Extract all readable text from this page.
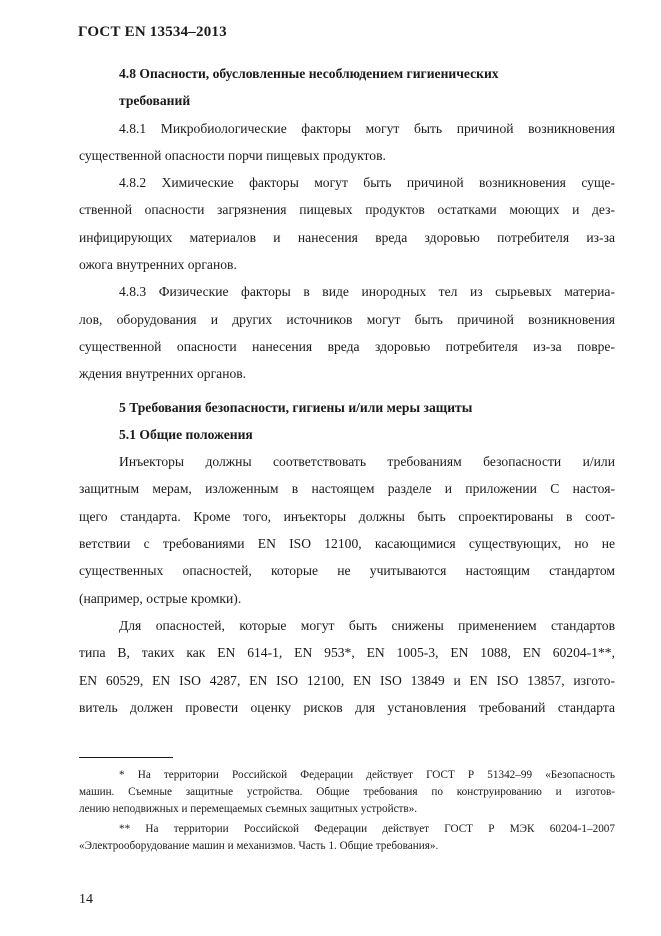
ГОСТ EN 13534–2013
4.8 Опасности, обусловленные несоблюдением гигиенических
требований
4.8.1 Микробиологические факторы могут быть причиной возникновения
существенной опасности порчи пищевых продуктов.
4.8.2 Химические факторы могут быть причиной возникновения суще-
ственной опасности загрязнения пищевых продуктов остатками моющих и дез-
инфицирующих материалов и нанесения вреда здоровью потребителя из-за
ожога внутренних органов.
4.8.3 Физические факторы в виде инородных тел из сырьевых материа-
лов, оборудования и других источников могут быть причиной возникновения
существенной опасности нанесения вреда здоровью потребителя из-за повре-
ждения внутренних органов.
5 Требования безопасности, гигиены и/или меры защиты
5.1 Общие положения
Инъекторы должны соответствовать требованиям безопасности и/или
защитным мерам, изложенным в настоящем разделе и приложении С настоя-
щего стандарта. Кроме того, инъекторы должны быть спроектированы в соот-
ветствии с требованиями EN ISO 12100, касающимися существующих, но не
существенных опасностей, которые не учитываются настоящим стандартом
(например, острые кромки).
Для опасностей, которые могут быть снижены применением стандартов
типа В, таких как EN 614-1, EN 953*, EN 1005-3, EN 1088, EN 60204-1**,
EN 60529, EN ISO 4287, EN ISO 12100, EN ISO 13849 и EN ISO 13857, изгото-
витель должен провести оценку рисков для установления требований стандарта
* На территории Российской Федерации действует ГОСТ Р 51342–99 «Безопасность
машин. Съемные защитные устройства. Общие требования по конструированию и изготов-
лению неподвижных и перемещаемых съемных защитных устройств».
** На территории Российской Федерации действует ГОСТ Р МЭК 60204-1–2007
«Электрооборудование машин и механизмов. Часть 1. Общие требования».
14
